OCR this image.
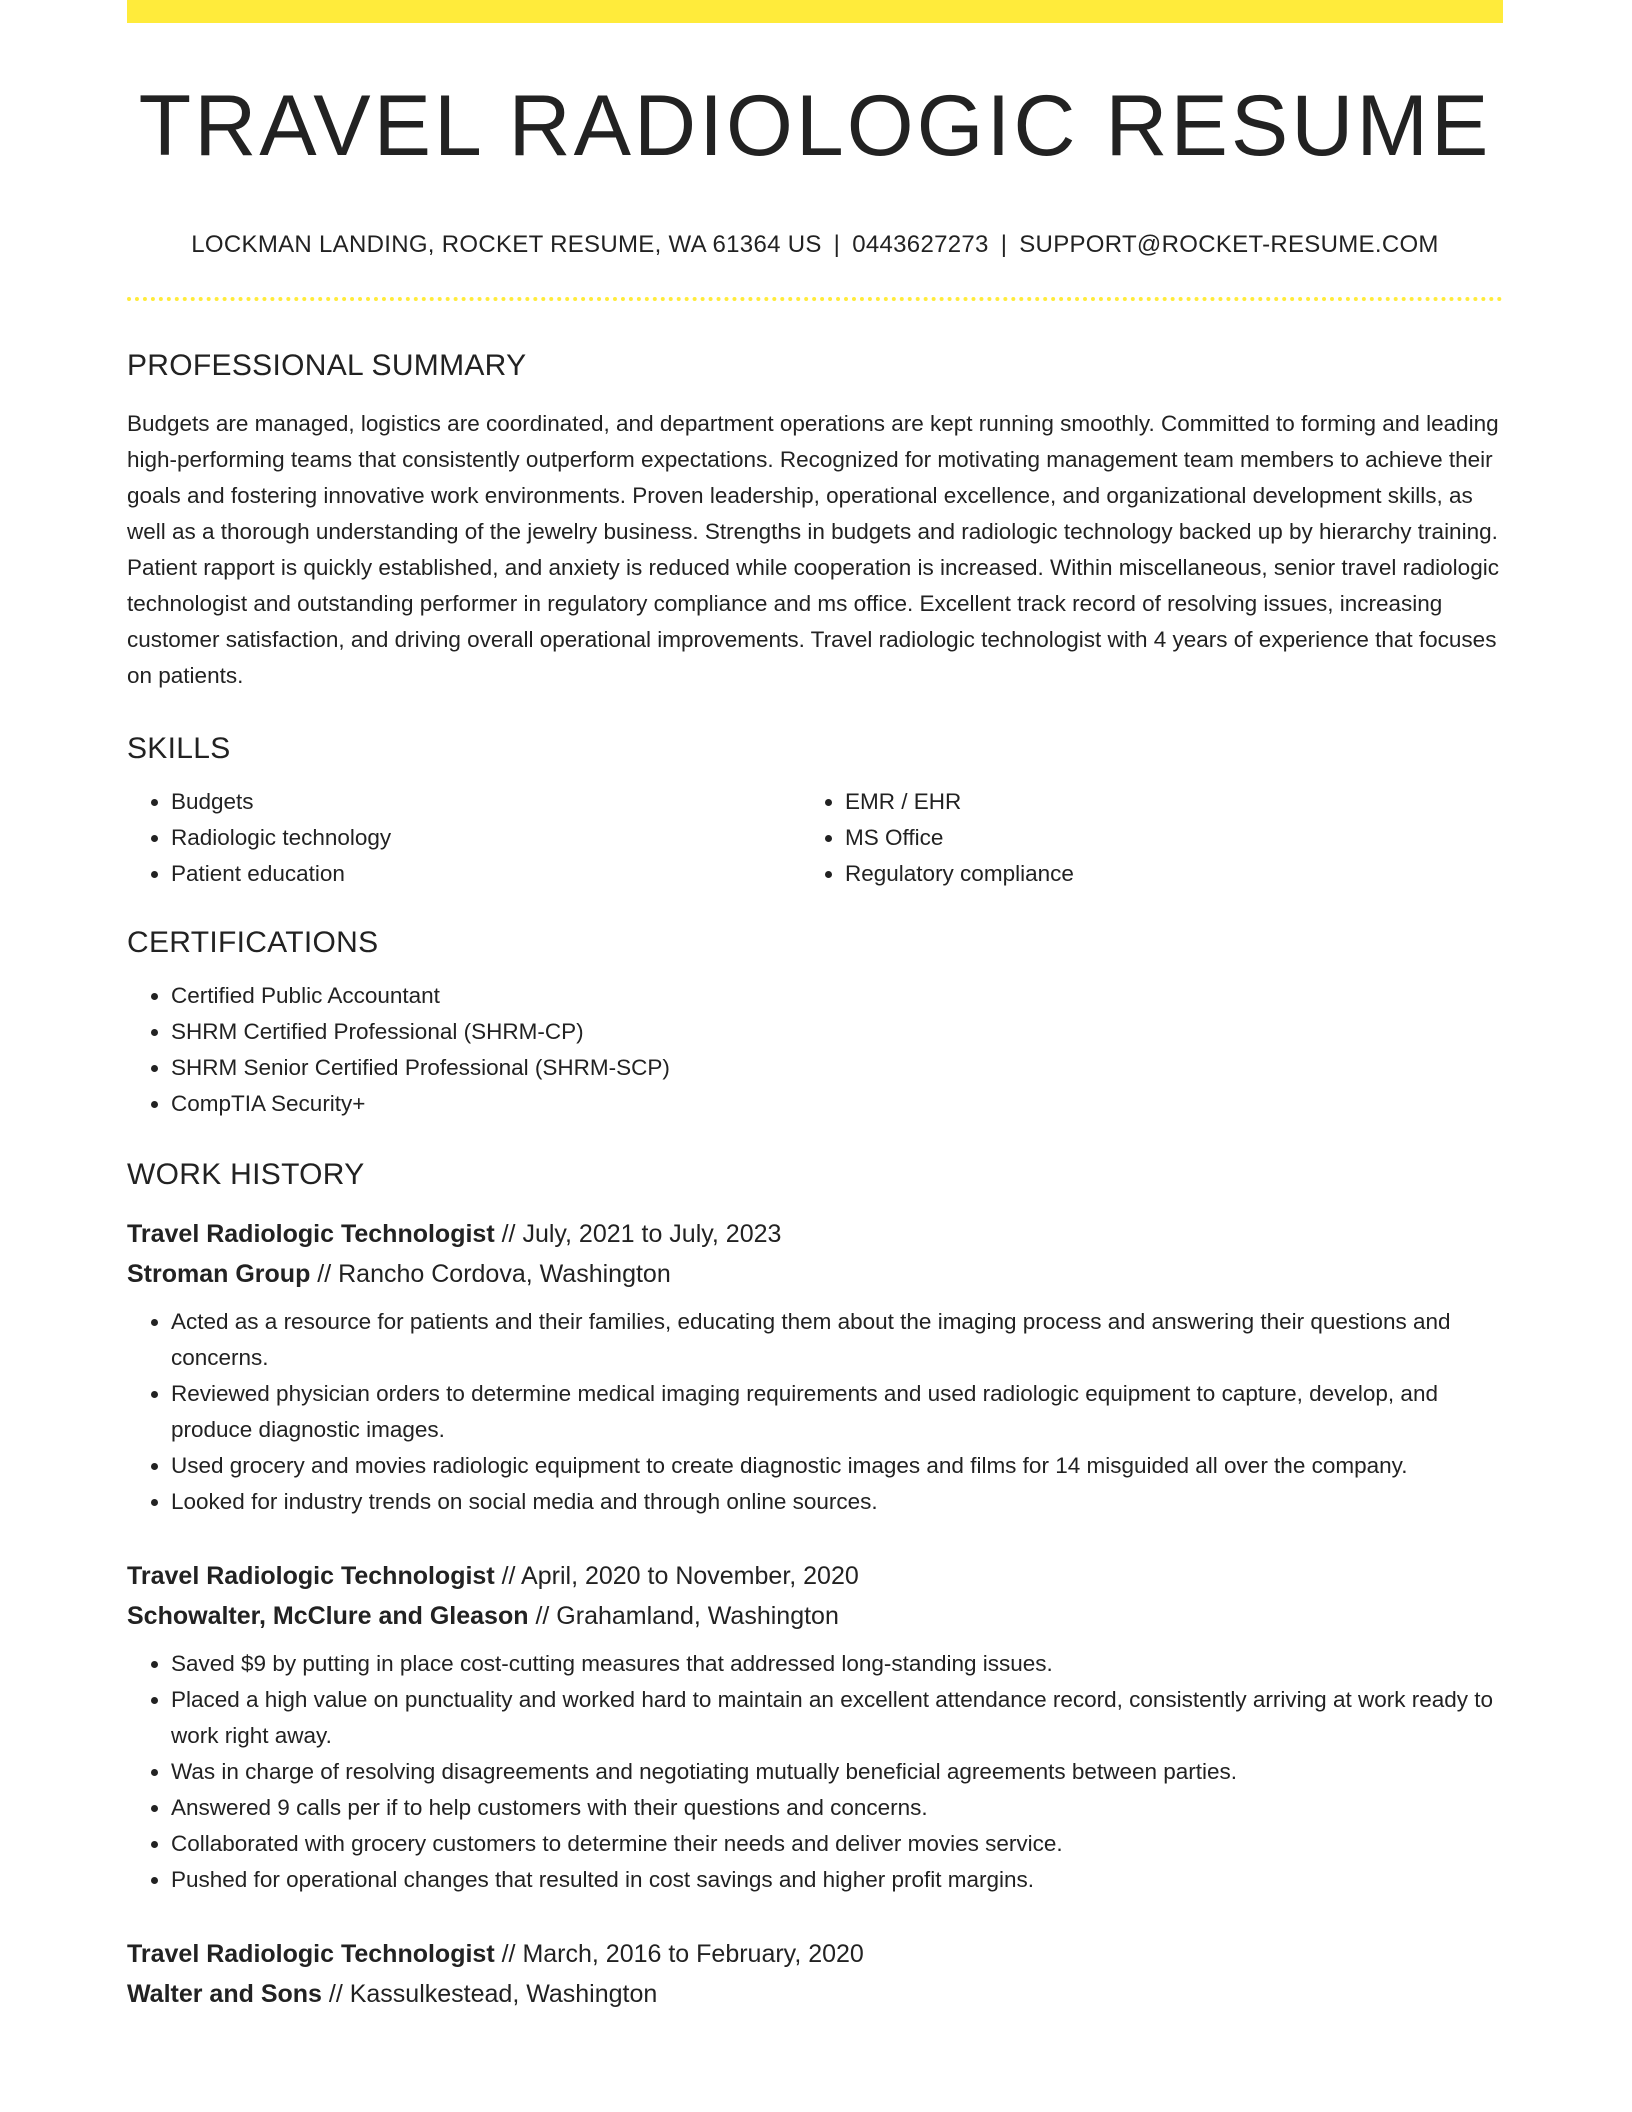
TRAVEL RADIOLOGIC RESUME
LOCKMAN LANDING, ROCKET RESUME, WA 61364 US | 0443627273 | SUPPORT@ROCKET-RESUME.COM
PROFESSIONAL SUMMARY
Budgets are managed, logistics are coordinated, and department operations are kept running smoothly. Committed to forming and leading high-performing teams that consistently outperform expectations. Recognized for motivating management team members to achieve their goals and fostering innovative work environments. Proven leadership, operational excellence, and organizational development skills, as well as a thorough understanding of the jewelry business. Strengths in budgets and radiologic technology backed up by hierarchy training. Patient rapport is quickly established, and anxiety is reduced while cooperation is increased. Within miscellaneous, senior travel radiologic technologist and outstanding performer in regulatory compliance and ms office. Excellent track record of resolving issues, increasing customer satisfaction, and driving overall operational improvements. Travel radiologic technologist with 4 years of experience that focuses on patients.
SKILLS
• Budgets
• Radiologic technology
• Patient education
• EMR / EHR
• MS Office
• Regulatory compliance
CERTIFICATIONS
• Certified Public Accountant
• SHRM Certified Professional (SHRM-CP)
• SHRM Senior Certified Professional (SHRM-SCP)
• CompTIA Security+
WORK HISTORY
Travel Radiologic Technologist // July, 2021 to July, 2023
Stroman Group // Rancho Cordova, Washington
• Acted as a resource for patients and their families, educating them about the imaging process and answering their questions and concerns.
• Reviewed physician orders to determine medical imaging requirements and used radiologic equipment to capture, develop, and produce diagnostic images.
• Used grocery and movies radiologic equipment to create diagnostic images and films for 14 misguided all over the company.
• Looked for industry trends on social media and through online sources.
Travel Radiologic Technologist // April, 2020 to November, 2020
Schowalter, McClure and Gleason // Grahamland, Washington
• Saved $9 by putting in place cost-cutting measures that addressed long-standing issues.
• Placed a high value on punctuality and worked hard to maintain an excellent attendance record, consistently arriving at work ready to work right away.
• Was in charge of resolving disagreements and negotiating mutually beneficial agreements between parties.
• Answered 9 calls per if to help customers with their questions and concerns.
• Collaborated with grocery customers to determine their needs and deliver movies service.
• Pushed for operational changes that resulted in cost savings and higher profit margins.
Travel Radiologic Technologist // March, 2016 to February, 2020
Walter and Sons // Kassulkestead, Washington
